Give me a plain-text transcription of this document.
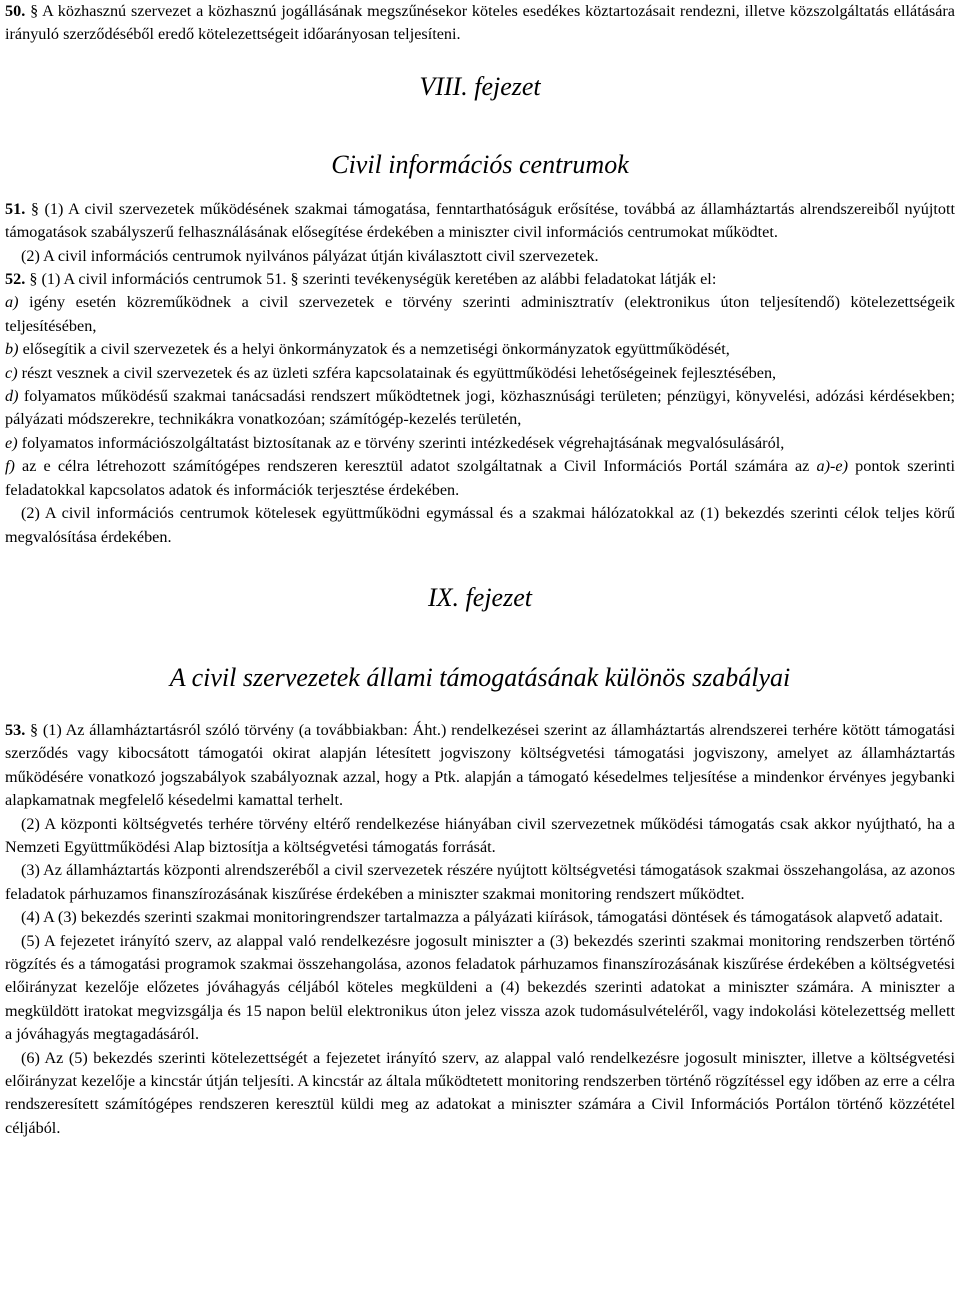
50. § A közhasznú szervezet a közhasznú jogállásának megszűnésekor köteles esedékes köztartozásait rendezni, illetve közszolgáltatás ellátására irányuló szerződéséből eredő kötelezettségeit időarányosan teljesíteni.

VIII. fejezet
Civil információs centrumok

51. § (1) A civil szervezetek működésének szakmai támogatása, fenntarthatóságuk erősítése, továbbá az államháztartás alrendszereiből nyújtott támogatások szabályszerű felhasználásának elősegítése érdekében a miniszter civil információs centrumokat működtet.

(2) A civil információs centrumok nyilvános pályázat útján kiválasztott civil szervezetek.

52. § (1) A civil információs centrumok 51. § szerinti tevékenységük keretében az alábbi feladatokat látják el:

a) igény esetén közreműködnek a civil szervezetek e törvény szerinti adminisztratív (elektronikus úton teljesítendő) kötelezettségeik teljesítésében,

b) elősegítik a civil szervezetek és a helyi önkormányzatok és a nemzetiségi önkormányzatok együttműködését,

c) részt vesznek a civil szervezetek és az üzleti szféra kapcsolatainak és együttműködési lehetőségeinek fejlesztésében,

d) folyamatos működésű szakmai tanácsadási rendszert működtetnek jogi, közhasznúsági területen; pénzügyi, könyvelési, adózási kérdésekben; pályázati módszerekre, technikákra vonatkozóan; számítógép-kezelés területén,

e) folyamatos információszolgáltatást biztosítanak az e törvény szerinti intézkedések végrehajtásának megvalósulásáról,

f) az e célra létrehozott számítógépes rendszeren keresztül adatot szolgáltatnak a Civil Információs Portál számára az a)-e) pontok szerinti feladatokkal kapcsolatos adatok és információk terjesztése érdekében.

(2) A civil információs centrumok kötelesek együttműködni egymással és a szakmai hálózatokkal az (1) bekezdés szerinti célok teljes körű megvalósítása érdekében.

IX. fejezet
A civil szervezetek állami támogatásának különös szabályai

53. § (1) Az államháztartásról szóló törvény (a továbbiakban: Áht.) rendelkezései szerint az államháztartás alrendszerei terhére kötött támogatási szerződés vagy kibocsátott támogatói okirat alapján létesített jogviszony költségvetési támogatási jogviszony, amelyet az államháztartás működésére vonatkozó jogszabályok szabályoznak azzal, hogy a Ptk. alapján a támogató késedelmes teljesítése a mindenkor érvényes jegybanki alapkamatnak megfelelő késedelmi kamattal terhelt.

(2) A központi költségvetés terhére törvény eltérő rendelkezése hiányában civil szervezetnek működési támogatás csak akkor nyújtható, ha a Nemzeti Együttműködési Alap biztosítja a költségvetési támogatás forrását.

(3) Az államháztartás központi alrendszeréből a civil szervezetek részére nyújtott költségvetési támogatások szakmai összehangolása, az azonos feladatok párhuzamos finanszírozásának kiszűrése érdekében a miniszter szakmai monitoring rendszert működtet.

(4) A (3) bekezdés szerinti szakmai monitoringrendszer tartalmazza a pályázati kiírások, támogatási döntések és támogatások alapvető adatait.

(5) A fejezetet irányító szerv, az alappal való rendelkezésre jogosult miniszter a (3) bekezdés szerinti szakmai monitoring rendszerben történő rögzítés és a támogatási programok szakmai összehangolása, azonos feladatok párhuzamos finanszírozásának kiszűrése érdekében a költségvetési előirányzat kezelője előzetes jóváhagyás céljából köteles megküldeni a (4) bekezdés szerinti adatokat a miniszter számára. A miniszter a megküldött iratokat megvizsgálja és 15 napon belül elektronikus úton jelez vissza azok tudomásulvételéről, vagy indokolási kötelezettség mellett a jóváhagyás megtagadásáról.

(6) Az (5) bekezdés szerinti kötelezettségét a fejezetet irányító szerv, az alappal való rendelkezésre jogosult miniszter, illetve a költségvetési előirányzat kezelője a kincstár útján teljesíti. A kincstár az általa működtetett monitoring rendszerben történő rögzítéssel egy időben az erre a célra rendszeresített számítógépes rendszeren keresztül küldi meg az adatokat a miniszter számára a Civil Információs Portálon történő közzététel céljából.
